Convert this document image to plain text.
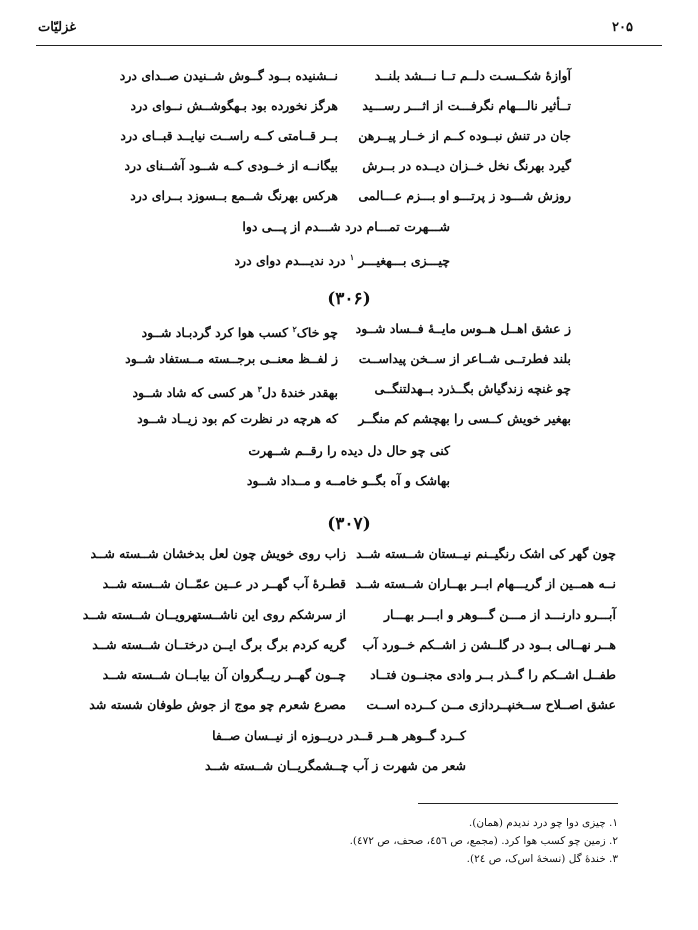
۲۰۵
غزلیّات
آوازهٔ شکــسـت دلــم تــا نـــشد بلنــد
نــشنیده بــود گــوش شــنیدن صــدای درد
تــأثیر نالـــهام نگرفـــت از اثـــر رســـید
هرگز نخورده بود بـهگوشــش نــوای درد
جان در تنش نبــوده کــم از خــار پیــرهن
بــر قــامتی کــه راســت نیایــد قبــای درد
گیرد بهرنگ نخل خــزان دیــده در بــرش
بیگانــه از خــودی کــه شــود آشــنای درد
روزش شـــود ز پرتـــو او بـــزم عـــالمی
هرکس بهرنگ شــمع بــسوزد بــرای درد
شـــهرت تمـــام درد شـــدم از پـــی دوا
چیـــزی بـــهغیـــر $^۱$ درد ندیـــدم دوای درد
(۳۰۶)
ز عشق اهــل هــوس مایــهٔ فــساد شــود
چو خاک$^۲$ کسب هوا کرد گردبـاد شــود
بلند فطرتــی شــاعر از ســخن پیداســت
ز لفــظ معنــی برجــسته مــستفاد شــود
چو غنچه زندگیاش بگــذرد بــهدلتنگــی
بهقدر خندهٔ دل$^۳$ هر کسی که شاد شــود
بهغیر خویش کــسی را بهچشم کم منگــر
که هرچه در نظرت کم بود زیــاد شــود
کنی چو حال دل دیده را رقــم شــهرت
بهاشک و آه بگــو خامــه و مــداد شــود
(۳۰۷)
چون گهر کی اشک رنگیــنم نیــستان شــسته شــد
زاب روی خویش چون لعل بدخشان شــسته شــد
نــه همــین از گریـــهام ابــر بهــاران شــسته شــد
قطـرهٔ آب گهــر در عــین عمّــان شــسته شــد
آبـــرو دارنـــد از مـــن گـــوهر و ابـــر بهـــار
از سرشکم روی این ناشــستهرویــان شــسته شــد
هــر نهــالی بــود در گلــشن ز اشــکم خــورد آب
گریه کردم برگ برگ ایــن درختــان شــسته شــد
طفــل اشــکم را گــذر بــر وادی مجنــون فتــاد
چــون گهــر ریــگروان آن بیابــان شــسته شــد
عشق اصــلاح ســخنپــردازی مــن کــرده اســت
مصرع شعرم چو موج از جوش طوفان شسته شد
کــرد گــوهر هــر قــدر دریــوزه از نیــسان صــفا
شعر من شهرت ز آب چــشمگریــان شــسته شــد
۱. چیزی دوا چو درد ندیدم (همان).
۲. زمین چو کسب هوا کرد. (مجمع، ص ٤٥٦، صحف، ص ٤٧٢).
۳. خندهٔ گل (نسخهٔ اس‌ک، ص ٢٤).
